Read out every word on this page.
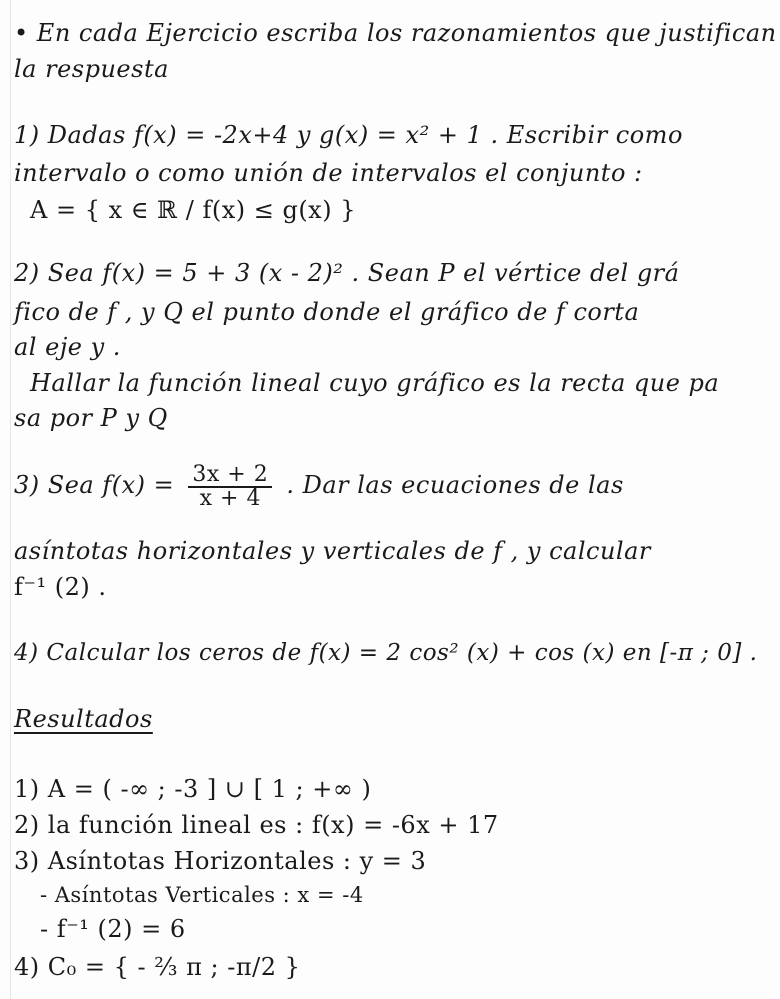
• En cada Ejercicio escriba los razonamientos que justifican
la respuesta
1) Dadas f(x) = -2x+4 y g(x) = x² + 1 . Escribir como
intervalo o como unión de intervalos el conjunto :
A = { x ∈ ℝ / f(x) ≤ g(x) }
2) Sea f(x) = 5 + 3 (x - 2)² . Sean P el vértice del grá
fico de f , y Q el punto donde el gráfico de f corta
al eje y .
Hallar la función lineal cuyo gráfico es la recta que pa
sa por P y Q
3) Sea $f(x) = \frac{3x + 2}{x + 4}$ . Dar las ecuaciones de las
asíntotas horizontales y verticales de f , y calcular
f⁻¹ (2) .
4) Calcular los ceros de f(x) = 2 cos² (x) + cos (x) en [-π ; 0] .
Resultados
1) A = ( -∞ ; -3 ] ∪ [ 1 ; +∞ )
2) la función lineal es : f(x) = -6x + 17
3) Asíntotas Horizontales : y = 3
- Asíntotas Verticales : x = -4
- f⁻¹ (2) = 6
4) C₀ = { - ⅔ π ; -π/2 }
